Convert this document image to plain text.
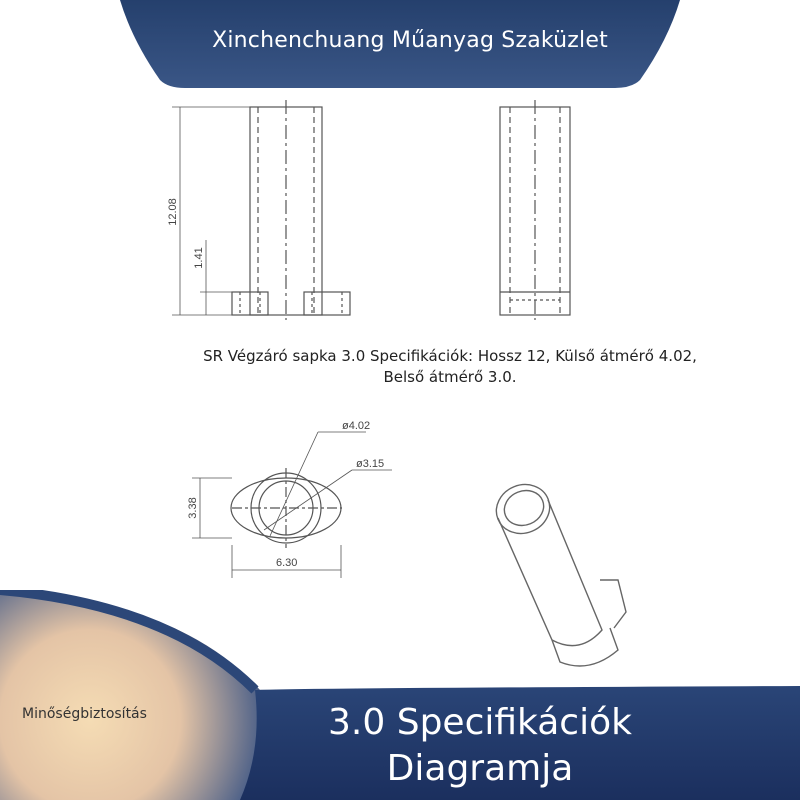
Xinchenchuang Műanyag Szaküzlet
12.08
1.41
ø4.02
ø3.15
6.30
3.38
SR Végzáró sapka 3.0 Specifikációk: Hossz 12, Külső átmérő 4.02,
Belső átmérő 3.0.
Minőségbiztosítás	3.0 Specifikációk
Diagramja
